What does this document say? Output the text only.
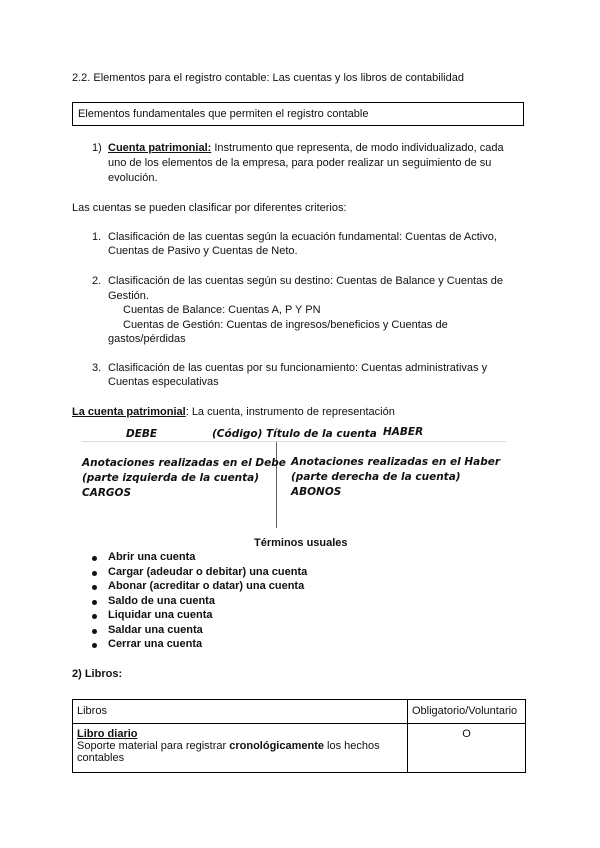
2.2. Elementos para el registro contable: Las cuentas y los libros de contabilidad
Elementos fundamentales que permiten el registro contable
1) Cuenta patrimonial: Instrumento que representa, de modo individualizado, cada
uno de los elementos de la empresa, para poder realizar un seguimiento de su
evolución.
Las cuentas se pueden clasificar por diferentes criterios:
1. Clasificación de las cuentas según la ecuación fundamental: Cuentas de Activo,
Cuentas de Pasivo y Cuentas de Neto.
2. Clasificación de las cuentas según su destino: Cuentas de Balance y Cuentas de
Gestión.
Cuentas de Balance: Cuentas A, P Y PN
Cuentas de Gestión: Cuentas de ingresos/beneficios y Cuentas de
gastos/pérdidas
3. Clasificación de las cuentas por su funcionamiento: Cuentas administrativas y
Cuentas especulativas
La cuenta patrimonial: La cuenta, instrumento de representación
DEBE	(Código) Título de la cuenta HABER
Anotaciones realizadas en el Debe
(parte izquierda de la cuenta)
CARGOS
Anotaciones realizadas en el Haber
(parte derecha de la cuenta)
ABONOS
Términos usuales
Abrir una cuenta
Cargar (adeudar o debitar) una cuenta
Abonar (acreditar o datar) una cuenta
Saldo de una cuenta
Liquidar una cuenta
Saldar una cuenta
Cerrar una cuenta
2) Libros:
Libros	Obligatorio/Voluntario

Libro diario
Soporte material para registrar cronológicamente los hechos
contables	O
